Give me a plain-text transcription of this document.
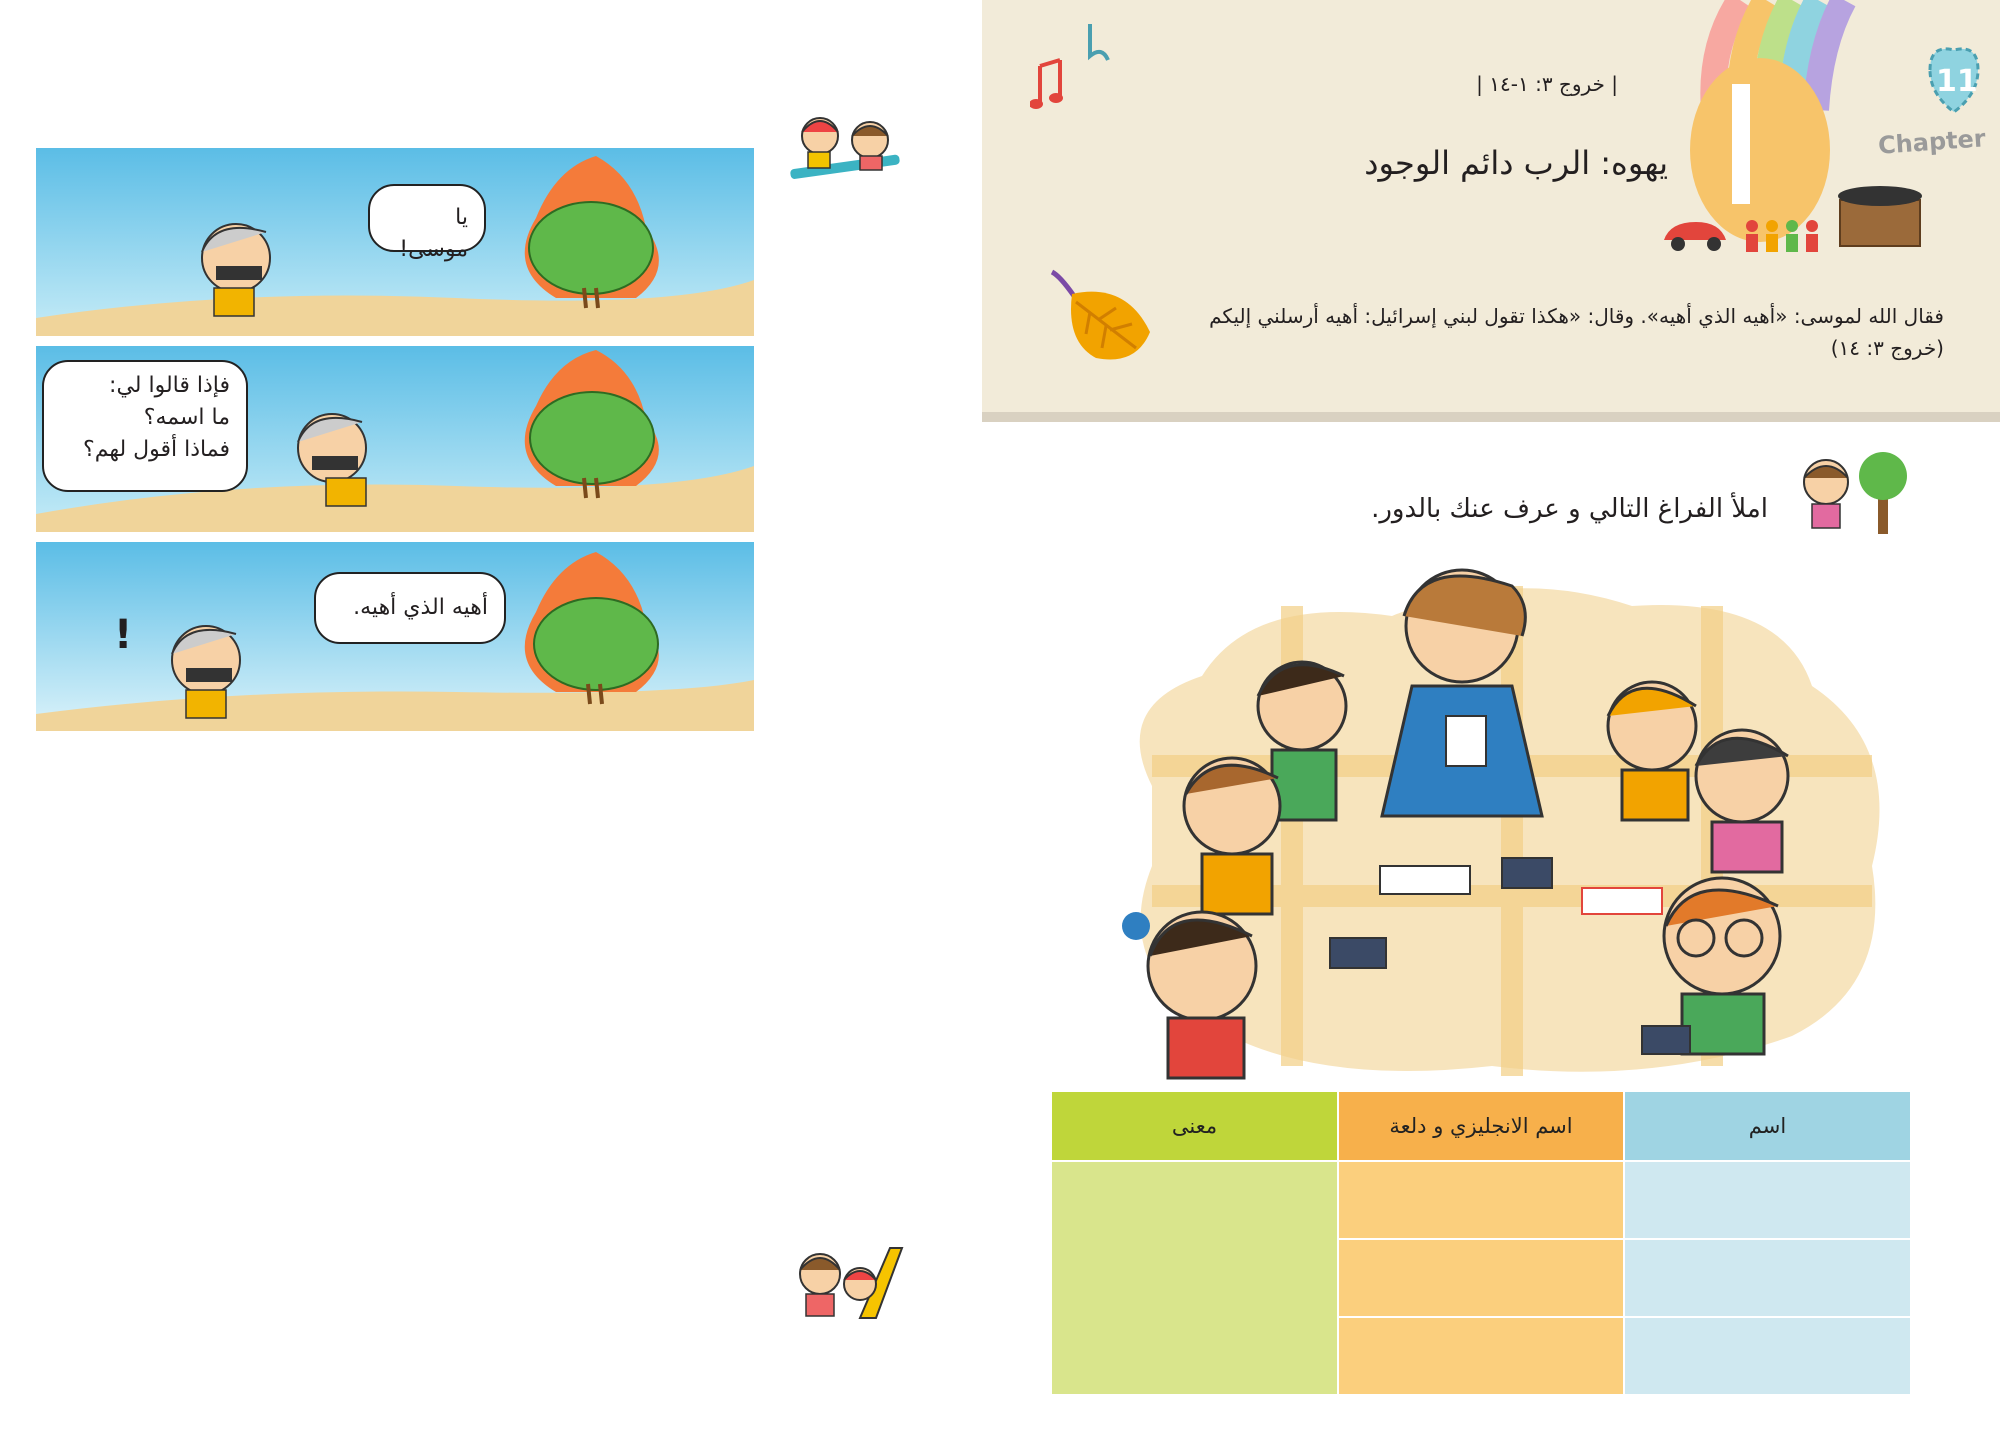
يا موسى!
فإذا قالوا لي:
ما اسمه؟
فماذا أقول لهم؟
!
أهيه الذي أهيه.
11
Chapter
| خروج ٣: ١-١٤ |
يهوه: الرب دائم الوجود
فقال الله لموسى: «أهيه الذي أهيه». وقال: «هكذا تقول لبني إسرائيل: أهيه أرسلني إليكم
(خروج ٣: ١٤)
املأ الفراغ التالي و عرف عنك بالدور.
معنى	اسم الانجليزي و دلعة	اسم
